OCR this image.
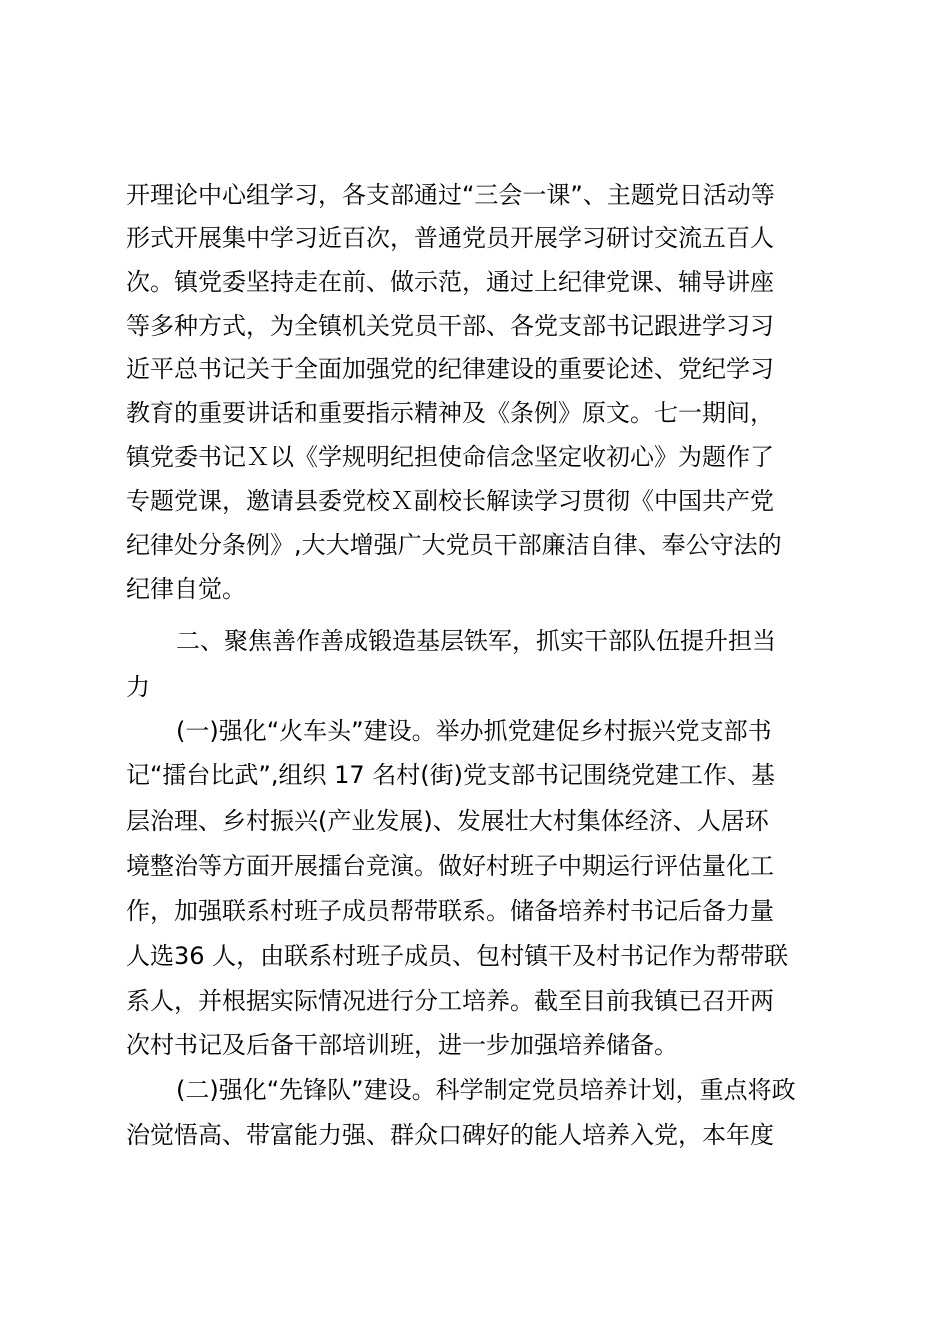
开理论中心组学习，各支部通过“三会一课”、主题党日活动等
形式开展集中学习近百次，普通党员开展学习研讨交流五百人
次。镇党委坚持走在前、做示范，通过上纪律党课、辅导讲座
等多种方式，为全镇机关党员干部、各党支部书记跟进学习习
近平总书记关于全面加强党的纪律建设的重要论述、党纪学习
教育的重要讲话和重要指示精神及《条例》原文。七一期间，
镇党委书记Ｘ以《学规明纪担使命信念坚定收初心》为题作了
专题党课，邀请县委党校Ｘ副校长解读学习贯彻《中国共产党
纪律处分条例》,大大增强广大党员干部廉洁自律、奉公守法的
纪律自觉。
二、聚焦善作善成锻造基层铁军，抓实干部队伍提升担当
力
(一)强化“火车头”建设。举办抓党建促乡村振兴党支部书
记“擂台比武”,组织 17 名村(街)党支部书记围绕党建工作、基
层治理、乡村振兴(产业发展)、发展壮大村集体经济、人居环
境整治等方面开展擂台竞演。做好村班子中期运行评估量化工
作，加强联系村班子成员帮带联系。储备培养村书记后备力量
人选36 人，由联系村班子成员、包村镇干及村书记作为帮带联
系人，并根据实际情况进行分工培养。截至目前我镇已召开两
次村书记及后备干部培训班，进一步加强培养储备。
(二)强化“先锋队”建设。科学制定党员培养计划，重点将政
治觉悟高、带富能力强、群众口碑好的能人培养入党，本年度
